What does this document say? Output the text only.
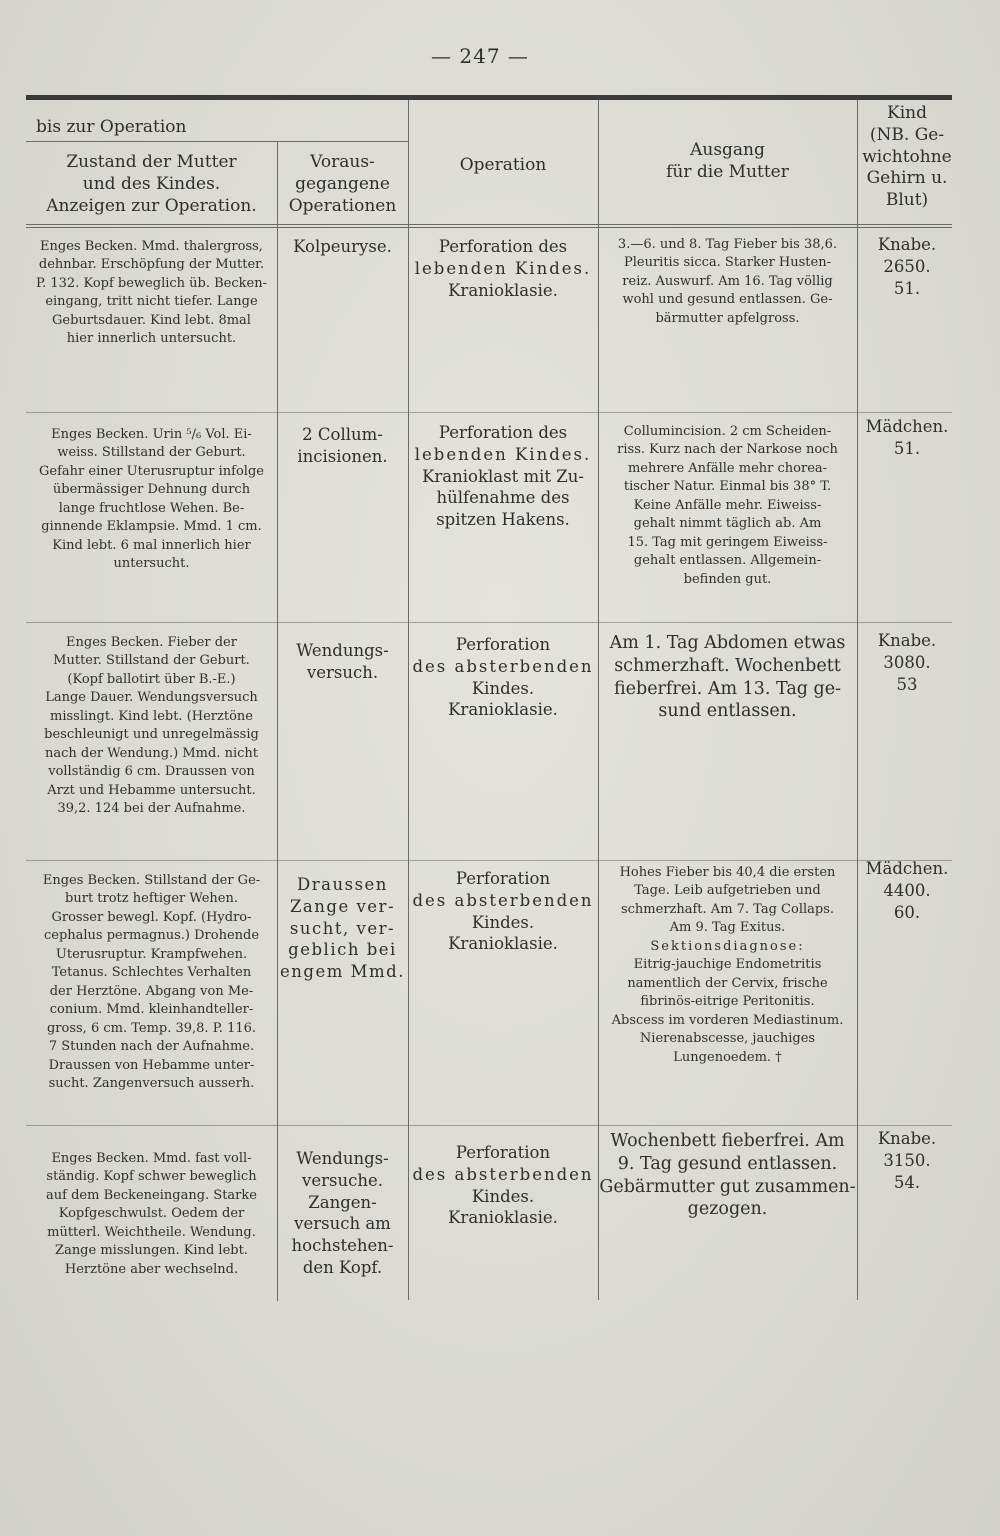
— 247 —
bis zur Operation
Zustand der Mutter
und des Kindes.
Anzeigen zur Operation.
Voraus-
gegangene
Operationen
Operation
Ausgang
für die Mutter
Kind
(NB. Ge-
wichtohne
Gehirn u.
Blut)
Enges Becken. Mmd. thalergross,
dehnbar. Erschöpfung der Mutter.
P. 132. Kopf beweglich üb. Becken-
eingang, tritt nicht tiefer. Lange
Geburtsdauer. Kind lebt. 8mal
hier innerlich untersucht.
Kolpeuryse.	Perforation des
lebenden Kindes.
Kranioklasie.
3.—6. und 8. Tag Fieber bis 38,6.
Pleuritis sicca. Starker Husten-
reiz. Auswurf. Am 16. Tag völlig
wohl und gesund entlassen. Ge-
bärmutter apfelgross.
Knabe.
2650.
51.
Enges Becken. Urin ⁵/₆ Vol. Ei-
weiss. Stillstand der Geburt.
Gefahr einer Uterusruptur infolge
übermässiger Dehnung durch
lange fruchtlose Wehen. Be-
ginnende Eklampsie. Mmd. 1 cm.
Kind lebt. 6 mal innerlich hier
untersucht.
2 Collum-
incisionen.
Perforation des
lebenden Kindes.
Kranioklast mit Zu-
hülfenahme des
spitzen Hakens.
Collumincision. 2 cm Scheiden-
riss. Kurz nach der Narkose noch
mehrere Anfälle mehr chorea-
tischer Natur. Einmal bis 38° T.
Keine Anfälle mehr. Eiweiss-
gehalt nimmt täglich ab. Am
15. Tag mit geringem Eiweiss-
gehalt entlassen. Allgemein-
befinden gut.
Mädchen.
51.
Enges Becken. Fieber der
Mutter. Stillstand der Geburt.
(Kopf ballotirt über B.-E.)
Lange Dauer. Wendungsversuch
misslingt. Kind lebt. (Herztöne
beschleunigt und unregelmässig
nach der Wendung.) Mmd. nicht
vollständig 6 cm. Draussen von
Arzt und Hebamme untersucht.
39,2. 124 bei der Aufnahme.
Wendungs-
versuch.
Perforation
des absterbenden
Kindes.
Kranioklasie.
Am 1. Tag Abdomen etwas
schmerzhaft. Wochenbett
fieberfrei. Am 13. Tag ge-
sund entlassen.
Knabe.
3080.
53
Enges Becken. Stillstand der Ge-
burt trotz heftiger Wehen.
Grosser bewegl. Kopf. (Hydro-
cephalus permagnus.) Drohende
Uterusruptur. Krampfwehen.
Tetanus. Schlechtes Verhalten
der Herztöne. Abgang von Me-
conium. Mmd. kleinhandteller-
gross, 6 cm. Temp. 39,8. P. 116.
7 Stunden nach der Aufnahme.
Draussen von Hebamme unter-
sucht. Zangenversuch ausserh.
Draussen
Zange ver-
sucht, ver-
geblich bei
engem Mmd.
Perforation
des absterbenden
Kindes.
Kranioklasie.
Hohes Fieber bis 40,4 die ersten
Tage. Leib aufgetrieben und
schmerzhaft. Am 7. Tag Collaps.
Am 9. Tag Exitus.
Sektionsdiagnose:
Eitrig-jauchige Endometritis
namentlich der Cervix, frische
fibrinös-eitrige Peritonitis.
Abscess im vorderen Mediastinum.
Nierenabscesse, jauchiges
Lungenoedem. †
Mädchen.
4400.
60.
Enges Becken. Mmd. fast voll-
ständig. Kopf schwer beweglich
auf dem Beckeneingang. Starke
Kopfgeschwulst. Oedem der
mütterl. Weichtheile. Wendung.
Zange misslungen. Kind lebt.
Herztöne aber wechselnd.
Wendungs-
versuche.
Zangen-
versuch am
hochstehen-
den Kopf.
Perforation
des absterbenden
Kindes.
Kranioklasie.
Wochenbett fieberfrei. Am
9. Tag gesund entlassen.
Gebärmutter gut zusammen-
gezogen.
Knabe.
3150.
54.
